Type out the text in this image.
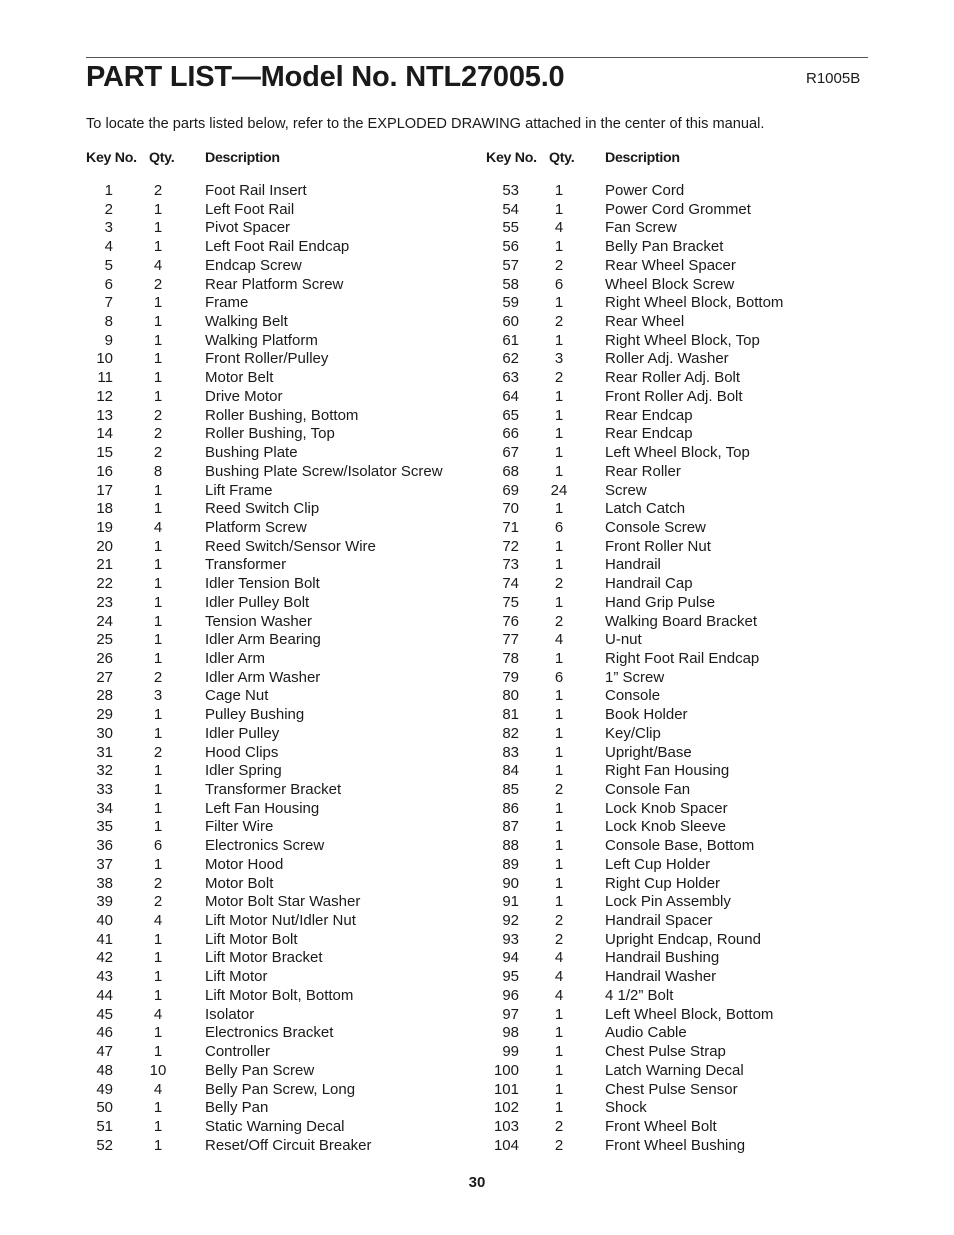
PART LIST—Model No. NTL27005.0	R1005B
To locate the parts listed below, refer to the EXPLODED DRAWING attached in the center of this manual.
Key No. Qty. Description
1	2	Foot Rail Insert
2	1	Left Foot Rail
3	1	Pivot Spacer
4	1	Left Foot Rail Endcap
5	4	Endcap Screw
6	2	Rear Platform Screw
7	1	Frame
8	1	Walking Belt
9	1	Walking Platform
10	1	Front Roller/Pulley
11	1	Motor Belt
12	1	Drive Motor
13	2	Roller Bushing, Bottom
14	2	Roller Bushing, Top
15	2	Bushing Plate
16	8	Bushing Plate Screw/Isolator Screw
17	1	Lift Frame
18	1	Reed Switch Clip
19	4	Platform Screw
20	1	Reed Switch/Sensor Wire
21	1	Transformer
22	1	Idler Tension Bolt
23	1	Idler Pulley Bolt
24	1	Tension Washer
25	1	Idler Arm Bearing
26	1	Idler Arm
27	2	Idler Arm Washer
28	3	Cage Nut
29	1	Pulley Bushing
30	1	Idler Pulley
31	2	Hood Clips
32	1	Idler Spring
33	1	Transformer Bracket
34	1	Left Fan Housing
35	1	Filter Wire
36	6	Electronics Screw
37	1	Motor Hood
38	2	Motor Bolt
39	2	Motor Bolt Star Washer
40	4	Lift Motor Nut/Idler Nut
41	1	Lift Motor Bolt
42	1	Lift Motor Bracket
43	1	Lift Motor
44	1	Lift Motor Bolt, Bottom
45	4	Isolator
46	1	Electronics Bracket
47	1	Controller
48	10	Belly Pan Screw
49	4	Belly Pan Screw, Long
50	1	Belly Pan
51	1	Static Warning Decal
52	1	Reset/Off Circuit Breaker
Key No. Qty. Description
53	1	Power Cord
54	1	Power Cord Grommet
55	4	Fan Screw
56	1	Belly Pan Bracket
57	2	Rear Wheel Spacer
58	6	Wheel Block Screw
59	1	Right Wheel Block, Bottom
60	2	Rear Wheel
61	1	Right Wheel Block, Top
62	3	Roller Adj. Washer
63	2	Rear Roller Adj. Bolt
64	1	Front Roller Adj. Bolt
65	1	Rear Endcap
66	1	Rear Endcap
67	1	Left Wheel Block, Top
68	1	Rear Roller
69	24	Screw
70	1	Latch Catch
71	6	Console Screw
72	1	Front Roller Nut
73	1	Handrail
74	2	Handrail Cap
75	1	Hand Grip Pulse
76	2	Walking Board Bracket
77	4	U-nut
78	1	Right Foot Rail Endcap
79	6	1” Screw
80	1	Console
81	1	Book Holder
82	1	Key/Clip
83	1	Upright/Base
84	1	Right Fan Housing
85	2	Console Fan
86	1	Lock Knob Spacer
87	1	Lock Knob Sleeve
88	1	Console Base, Bottom
89	1	Left Cup Holder
90	1	Right Cup Holder
91	1	Lock Pin Assembly
92	2	Handrail Spacer
93	2	Upright Endcap, Round
94	4	Handrail Bushing
95	4	Handrail Washer
96	4	4 1/2” Bolt
97	1	Left Wheel Block, Bottom
98	1	Audio Cable
99	1	Chest Pulse Strap
100	1	Latch Warning Decal
101	1	Chest Pulse Sensor
102	1	Shock
103	2	Front Wheel Bolt
104	2	Front Wheel Bushing
30
